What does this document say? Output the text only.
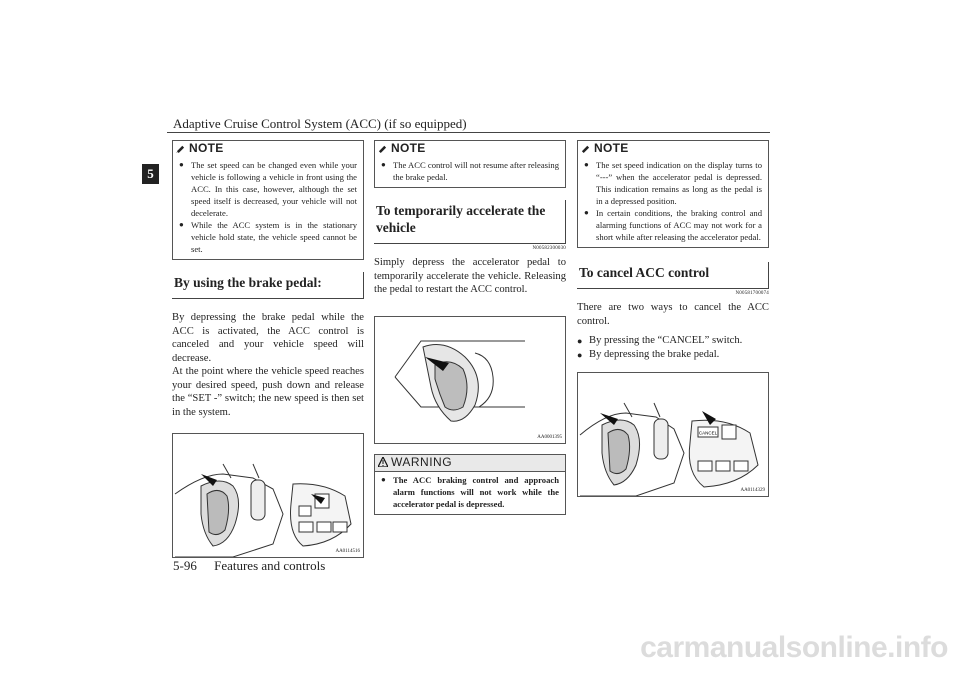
Adaptive Cruise Control System (ACC) (if so equipped)
5
NOTE
● The set speed can be changed even while your vehicle is following a vehicle in front using the ACC. In this case, however, although the set speed itself is decreased, your vehicle will not decelerate.
● While the ACC system is in the stationary vehicle hold state, the vehicle speed cannot be set.
By using the brake pedal:

By depressing the brake pedal while the ACC is activated, the ACC control is canceled and your vehicle speed will decrease.

At the point where the vehicle speed reaches your desired speed, push down and release the “SET -” switch; the new speed is then set in the system.

AA0114516
NOTE
● The ACC control will not resume after releasing the brake pedal.
To temporarily accelerate the vehicle
N00582300030

Simply depress the accelerator pedal to temporarily accelerate the vehicle. Releasing the pedal to restart the ACC control.

AA0001395
WARNING
● The ACC braking control and approach alarm functions will not work while the accelerator pedal is depressed.
NOTE
● The set speed indication on the display turns to “---” when the accelerator pedal is depressed. This indication remains as long as the pedal is in a depressed position.
● In certain conditions, the braking control and alarming functions of ACC may not work for a short while after releasing the accelerator pedal.
To cancel ACC control
N00581700074

There are two ways to cancel the ACC control.

● By pressing the “CANCEL” switch.
● By depressing the brake pedal.
CANCEL
AA0114329
5-96 Features and controls
carmanualsonline.info
